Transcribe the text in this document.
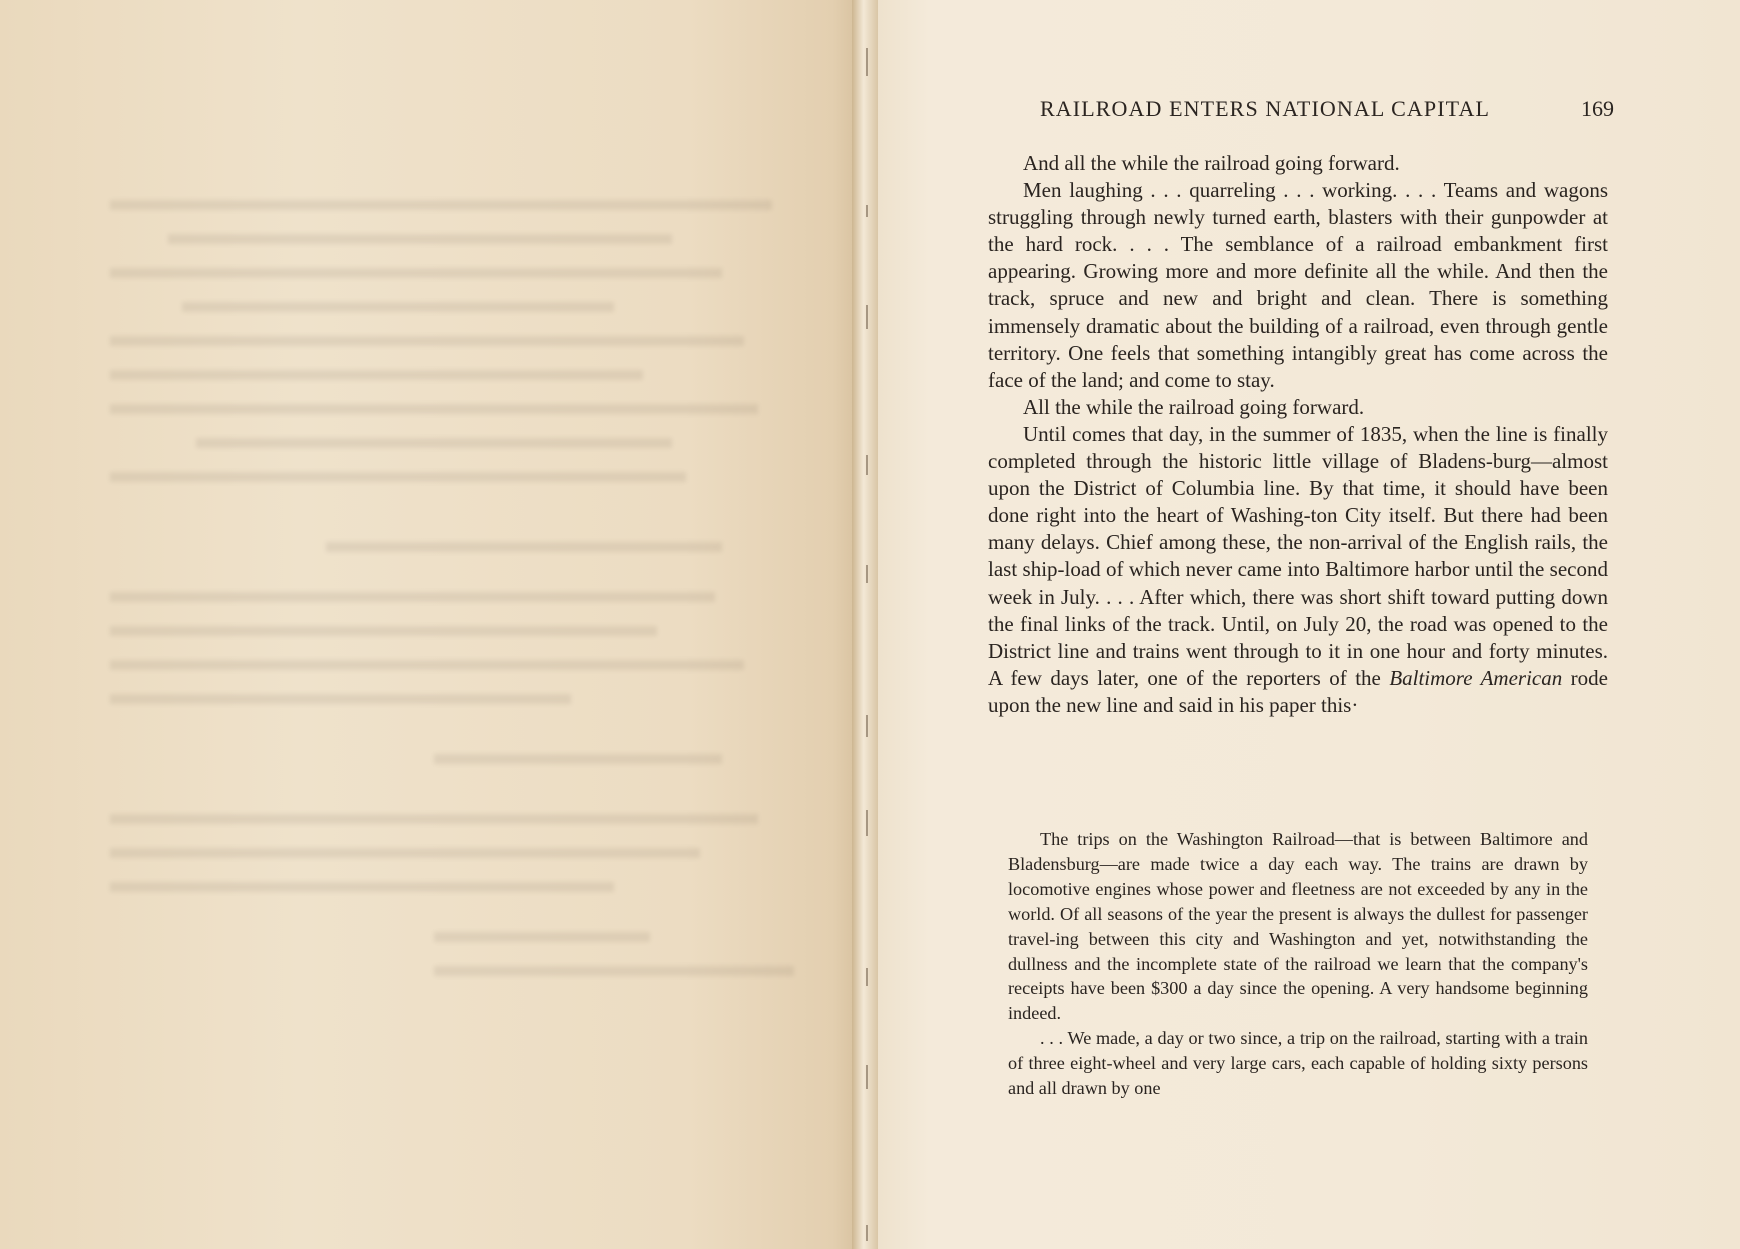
RAILROAD ENTERS NATIONAL CAPITAL	169

And all the while the railroad going forward.

Men laughing . . . quarreling . . . working. . . . Teams and wagons struggling through newly turned earth, blasters with their gunpowder at the hard rock. . . . The semblance of a railroad embankment first appearing. Growing more and more definite all the while. And then the track, spruce and new and bright and clean. There is something immensely dramatic about the building of a railroad, even through gentle territory. One feels that something intangibly great has come across the face of the land; and come to stay.

All the while the railroad going forward.

Until comes that day, in the summer of 1835, when the line is finally completed through the historic little village of Bladens-burg—almost upon the District of Columbia line. By that time, it should have been done right into the heart of Washing-ton City itself. But there had been many delays. Chief among these, the non-arrival of the English rails, the last ship-load of which never came into Baltimore harbor until the second week in July. . . . After which, there was short shift toward putting down the final links of the track. Until, on July 20, the road was opened to the District line and trains went through to it in one hour and forty minutes. A few days later, one of the reporters of the Baltimore American rode upon the new line and said in his paper this·

The trips on the Washington Railroad—that is between Baltimore and Bladensburg—are made twice a day each way. The trains are drawn by locomotive engines whose power and fleetness are not exceeded by any in the world. Of all seasons of the year the present is always the dullest for passenger travel-ing between this city and Washington and yet, notwithstanding the dullness and the incomplete state of the railroad we learn that the company's receipts have been $300 a day since the opening. A very handsome beginning indeed.

. . . We made, a day or two since, a trip on the railroad, starting with a train of three eight-wheel and very large cars, each capable of holding sixty persons and all drawn by one
